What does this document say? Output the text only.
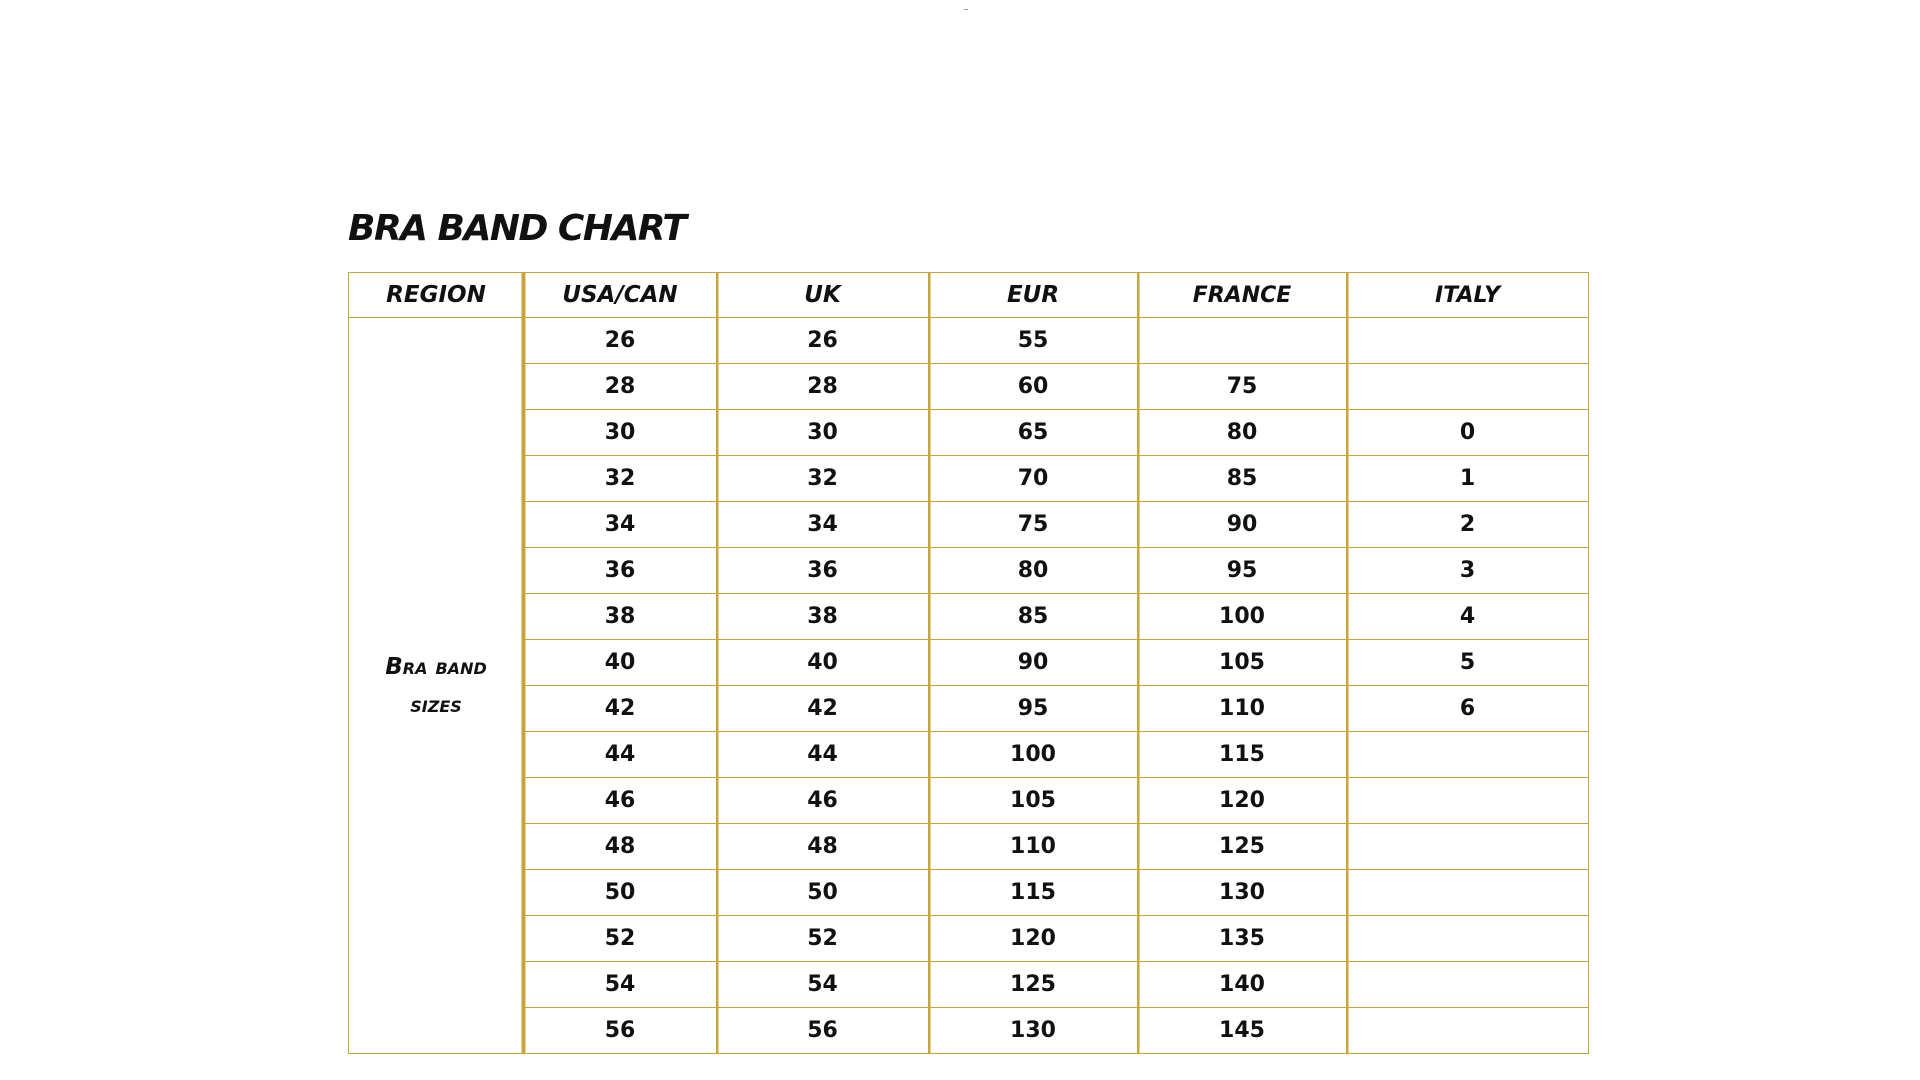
BRA BAND CHART
REGION	USA/CAN	UK	EUR	FRANCE	ITALY
Bra band sizes	26	26	55		
	28	28	60	75	
	30	30	65	80	0
	32	32	70	85	1
	34	34	75	90	2
	36	36	80	95	3
	38	38	85	100	4
	40	40	90	105	5
	42	42	95	110	6
	44	44	100	115	
	46	46	105	120	
	48	48	110	125	
	50	50	115	130	
	52	52	120	135	
	54	54	125	140	
	56	56	130	145	
